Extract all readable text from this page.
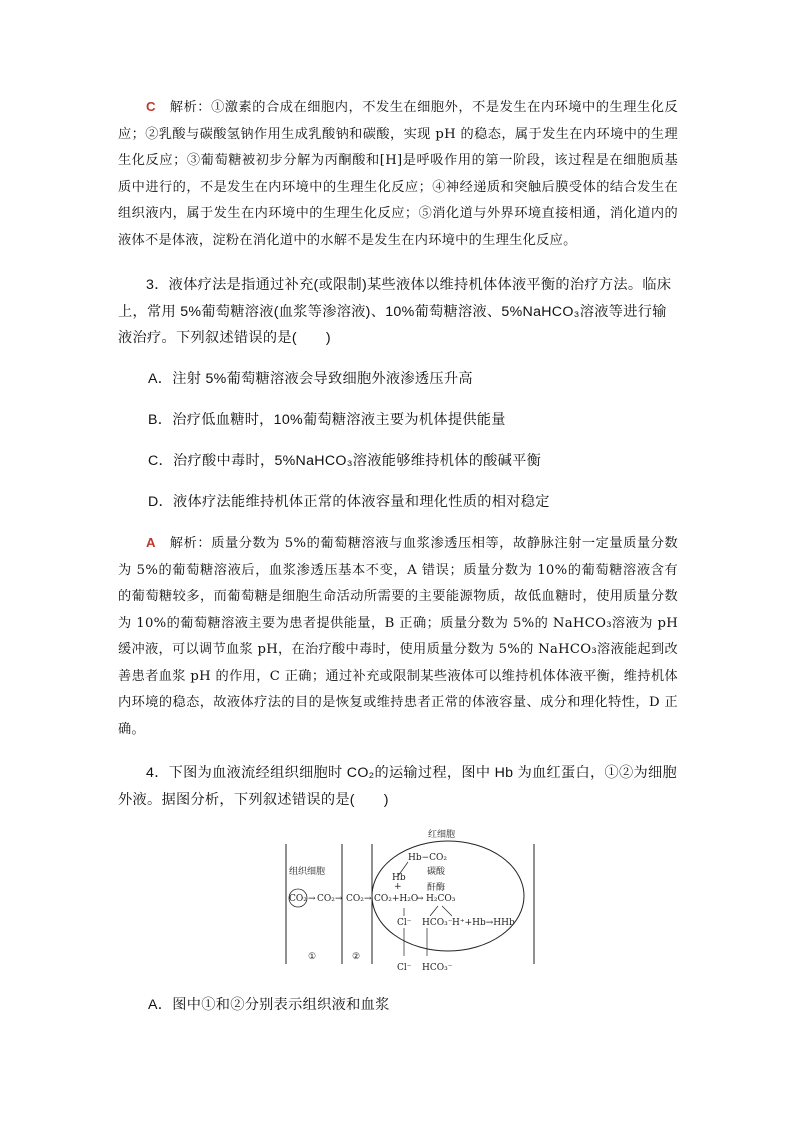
C　 解析：①激素的合成在细胞内，不发生在细胞外，不是发生在内环境中的生理生化反应；②乳酸与碳酸氢钠作用生成乳酸钠和碳酸，实现 pH 的稳态，属于发生在内环境中的生理生化反应；③葡萄糖被初步分解为丙酮酸和[H]是呼吸作用的第一阶段，该过程是在细胞质基质中进行的，不是发生在内环境中的生理生化反应；④神经递质和突触后膜受体的结合发生在组织液内，属于发生在内环境中的生理生化反应；⑤消化道与外界环境直接相通，消化道内的液体不是体液，淀粉在消化道中的水解不是发生在内环境中的生理生化反应。
3．液体疗法是指通过补充(或限制)某些液体以维持机体体液平衡的治疗方法。临床上，常用 5%葡萄糖溶液(血浆等渗溶液)、10%葡萄糖溶液、5%NaHCO₃溶液等进行输液治疗。下列叙述错误的是(　　)
A．注射 5%葡萄糖溶液会导致细胞外液渗透压升高
B．治疗低血糖时，10%葡萄糖溶液主要为机体提供能量
C．治疗酸中毒时，5%NaHCO₃溶液能够维持机体的酸碱平衡
D．液体疗法能维持机体正常的体液容量和理化性质的相对稳定
A　 解析：质量分数为 5%的葡萄糖溶液与血浆渗透压相等，故静脉注射一定量质量分数为 5%的葡萄糖溶液后，血浆渗透压基本不变，A 错误；质量分数为 10%的葡萄糖溶液含有的葡萄糖较多，而葡萄糖是细胞生命活动所需要的主要能源物质，故低血糖时，使用质量分数为 10%的葡萄糖溶液主要为患者提供能量，B 正确；质量分数为 5%的 NaHCO₃溶液为 pH 缓冲液，可以调节血浆 pH，在治疗酸中毒时，使用质量分数为 5%的 NaHCO₃溶液能起到改善患者血浆 pH 的作用，C 正确；通过补充或限制某些液体可以维持机体体液平衡，维持机体内环境的稳态，故液体疗法的目的是恢复或维持患者正常的体液容量、成分和理化特性，D 正确。
4．下图为血液流经组织细胞时 CO₂的运输过程，图中 Hb 为血红蛋白，①②为细胞外液。据图分析，下列叙述错误的是(　　)
红细胞
组织细胞
CO₂ → CO₂ → CO₂ → CO₂+H₂O
→ H₂CO₃
Hb−CO₂
Hb
+
碳酸
酐酶
Cl⁻ HCO₃⁻ H⁺+Hb→HHb
Cl⁻ HCO₃⁻
①	②
A．图中①和②分别表示组织液和血浆
